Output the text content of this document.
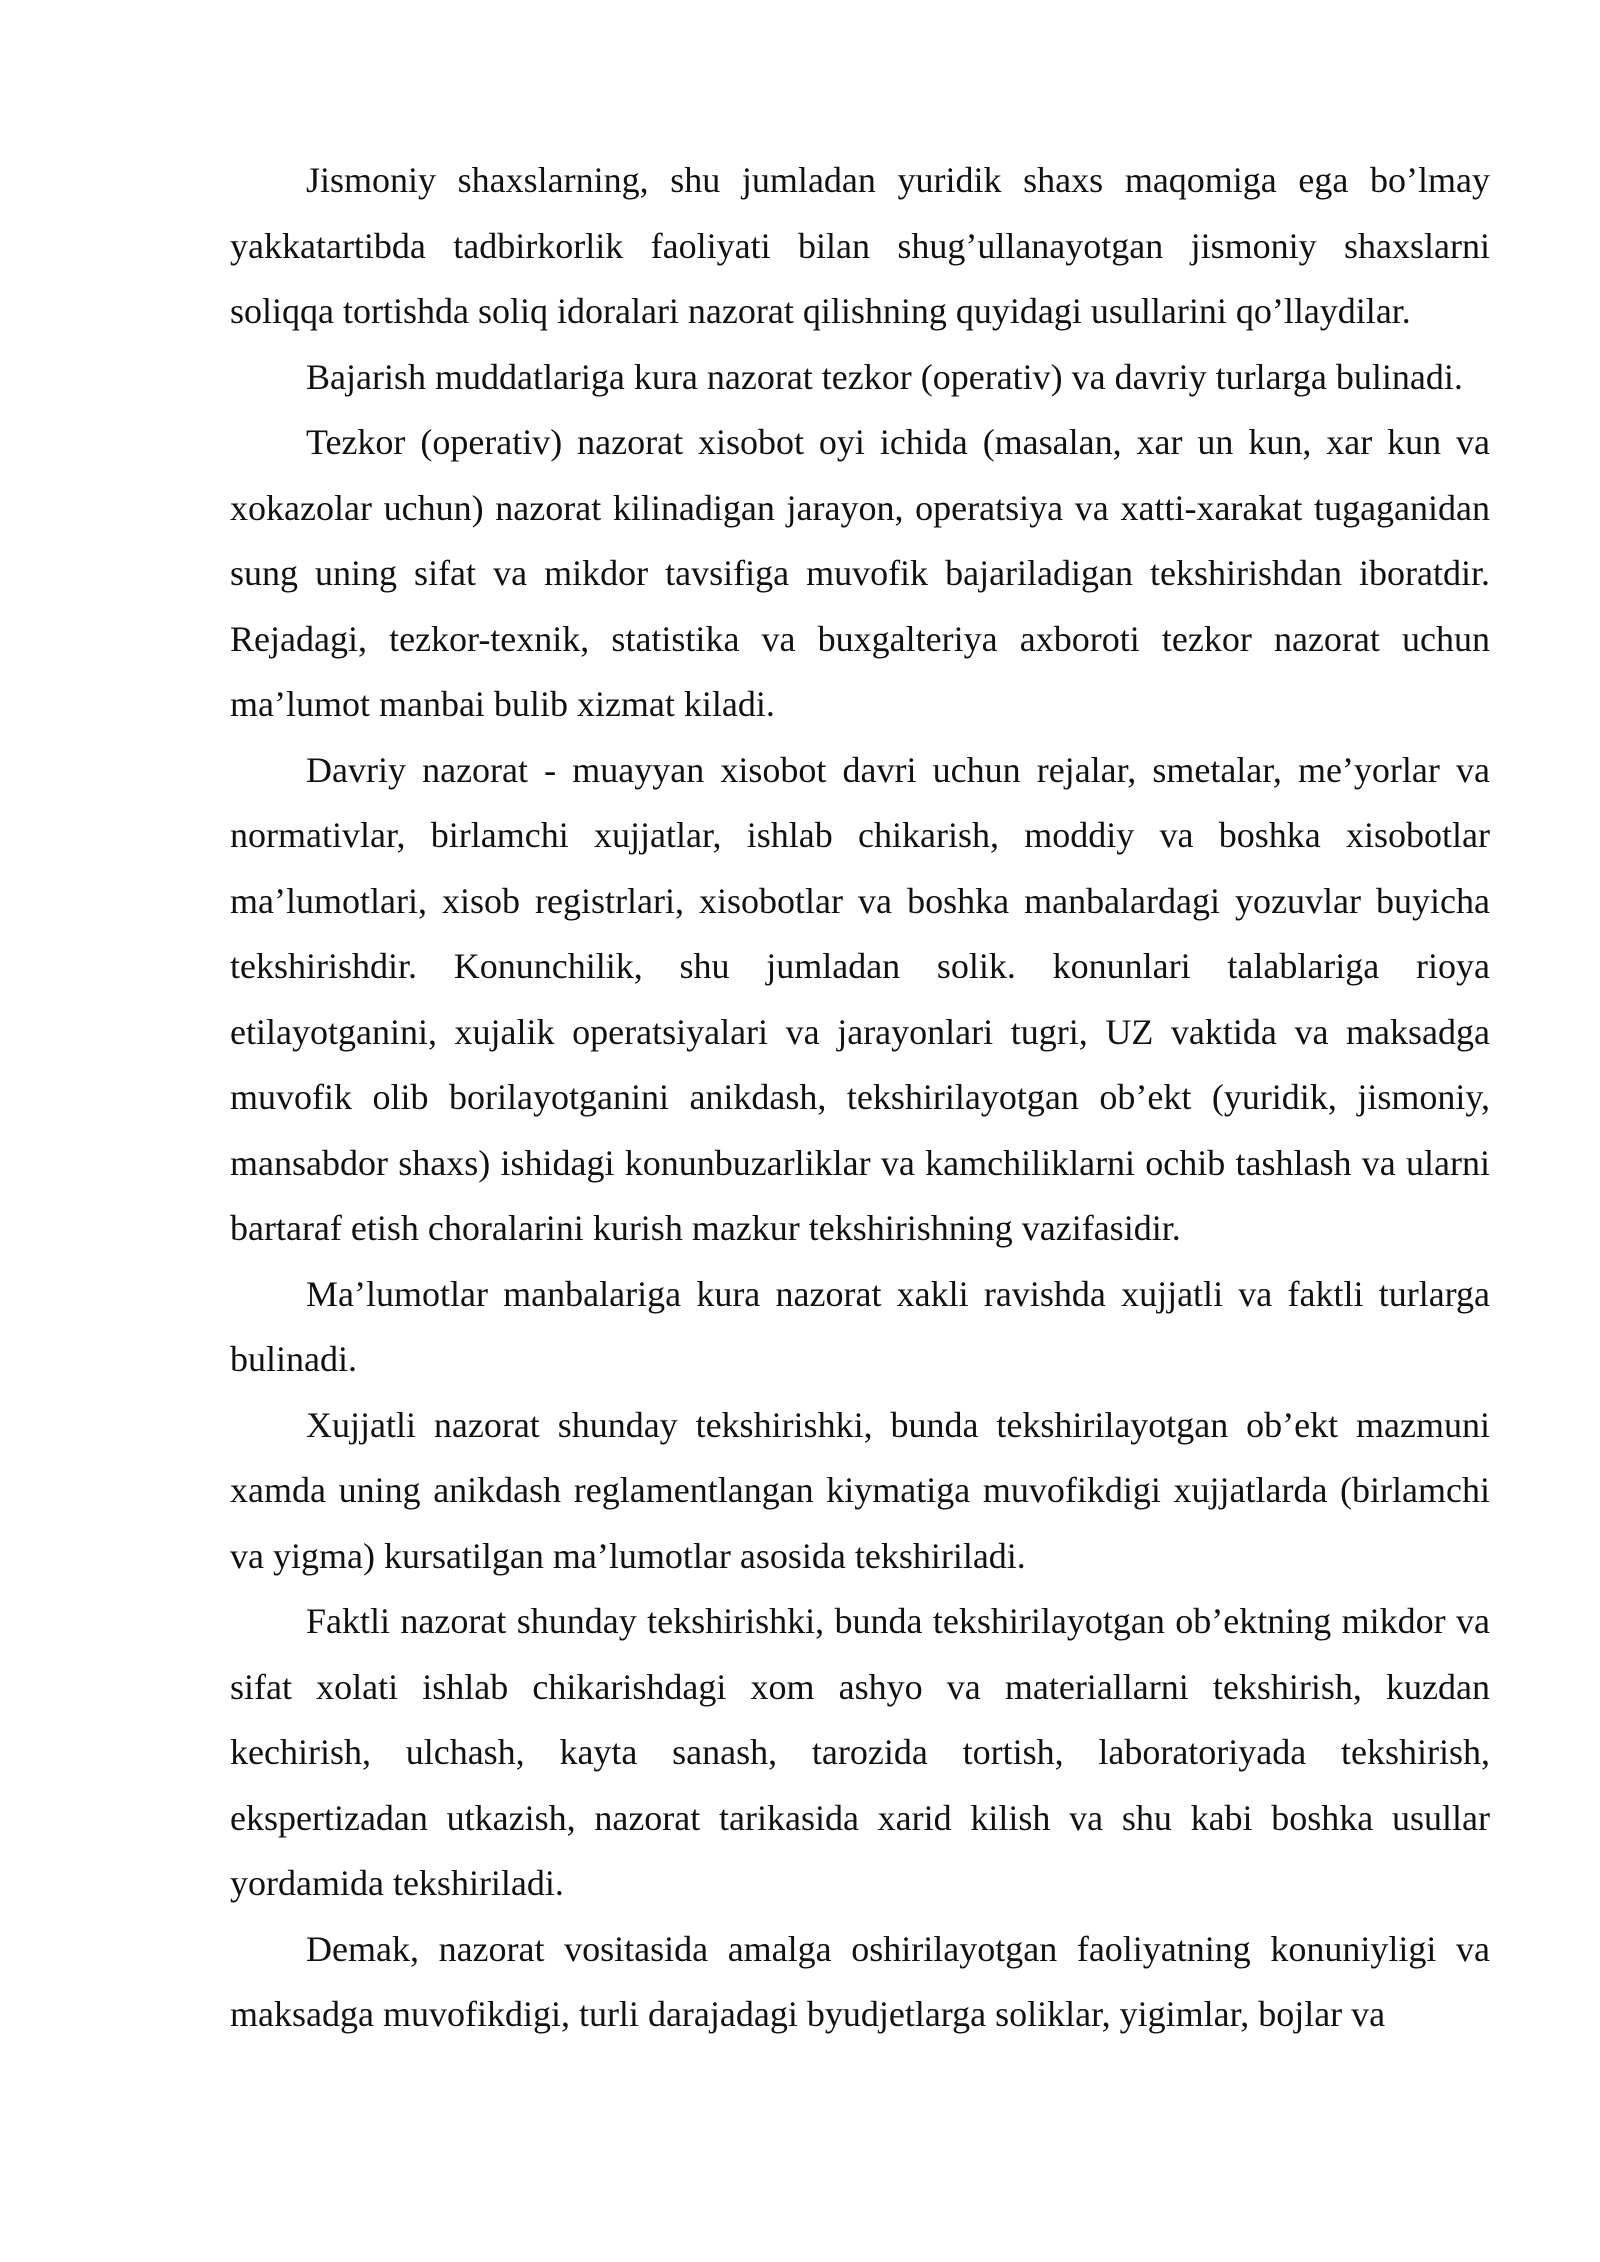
Jismoniy shaxslarning, shu jumladan yuridik shaxs maqomiga ega bo’lmay yakkatartibda tadbirkorlik faoliyati bilan shug’ullanayotgan jismoniy shaxslarni soliqqa tortishda soliq idoralari nazorat qilishning quyidagi usullarini qo’llaydilar.

Bajarish muddatlariga kura nazorat tezkor (operativ) va davriy turlarga bulinadi.

Tezkor (operativ) nazorat xisobot oyi ichida (masalan, xar un kun, xar kun va xokazolar uchun) nazorat kilinadigan jarayon, operatsiya va xatti-xarakat tugaganidan sung uning sifat va mikdor tavsifiga muvofik bajariladigan tekshirishdan iboratdir. Rejadagi, tezkor-texnik, statistika va buxgalteriya axboroti tezkor nazorat uchun ma’lumot manbai bulib xizmat kiladi.

Davriy nazorat - muayyan xisobot davri uchun rejalar, smetalar, me’yorlar va normativlar, birlamchi xujjatlar, ishlab chikarish, moddiy va boshka xisobotlar ma’lumotlari, xisob registrlari, xisobotlar va boshka manbalardagi yozuvlar buyicha tekshirishdir. Konunchilik, shu jumladan solik. konunlari talablariga rioya etilayotganini, xujalik operatsiyalari va jarayonlari tugri, UZ vaktida va maksadga muvofik olib borilayotganini anikdash, tekshirilayotgan ob’ekt (yuridik, jismoniy, mansabdor shaxs) ishidagi konunbuzarliklar va kamchiliklarni ochib tashlash va ularni bartaraf etish choralarini kurish mazkur tekshirishning vazifasidir.

Ma’lumotlar manbalariga kura nazorat xakli ravishda xujjatli va faktli turlarga bulinadi.

Xujjatli nazorat shunday tekshirishki, bunda tekshirilayotgan ob’ekt mazmuni xamda uning anikdash reglamentlangan kiymatiga muvofikdigi xujjatlarda (birlamchi va yigma) kursatilgan ma’lumotlar asosida tekshiriladi.

Faktli nazorat shunday tekshirishki, bunda tekshirilayotgan ob’ektning mikdor va sifat xolati ishlab chikarishdagi xom ashyo va materiallarni tekshirish, kuzdan kechirish, ulchash, kayta sanash, tarozida tortish, laboratoriyada tekshirish, ekspertizadan utkazish, nazorat tarikasida xarid kilish va shu kabi boshka usullar yordamida tekshiriladi.

Demak, nazorat vositasida amalga oshirilayotgan faoliyatning konuniyligi va maksadga muvofikdigi, turli darajadagi byudjetlarga soliklar, yigimlar, bojlar va
